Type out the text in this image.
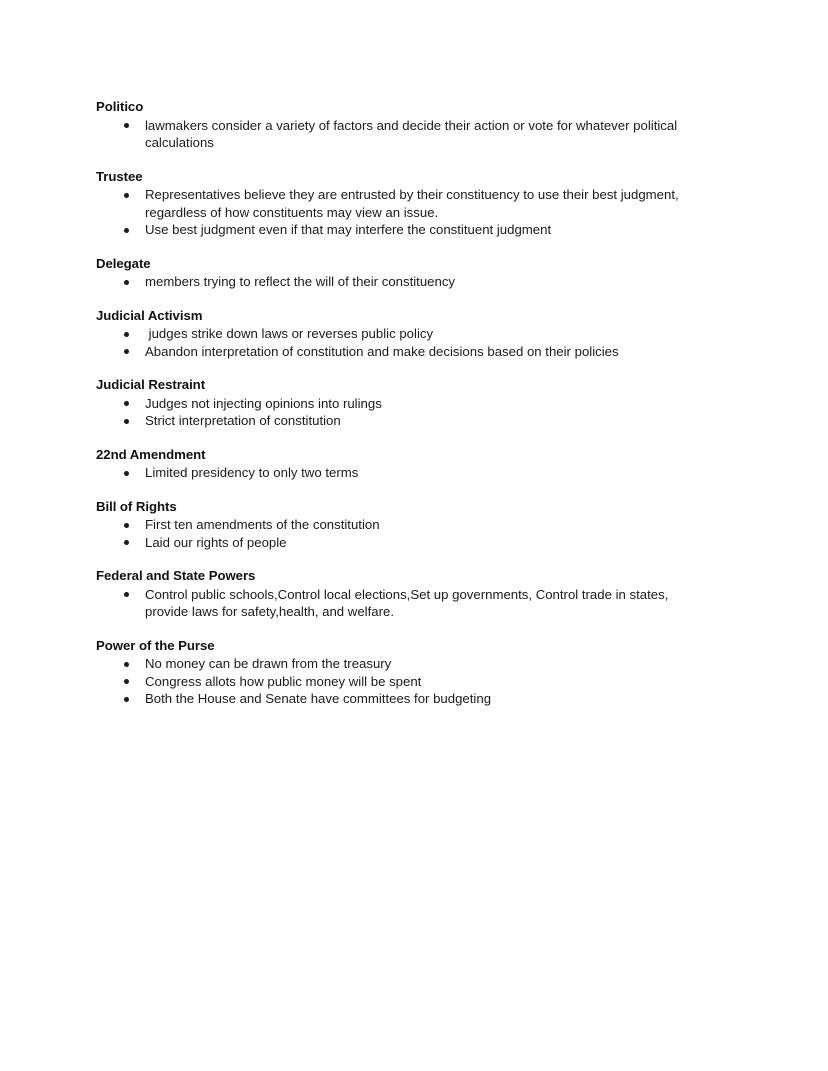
Politico
lawmakers consider a variety of factors and decide their action or vote for whatever political calculations
Trustee
Representatives believe they are entrusted by their constituency to use their best judgment, regardless of how constituents may view an issue.
Use best judgment even if that may interfere the constituent judgment
Delegate
members trying to reflect the will of their constituency
Judicial Activism
judges strike down laws or reverses public policy
Abandon interpretation of constitution and make decisions based on their policies
Judicial Restraint
Judges not injecting opinions into rulings
Strict interpretation of constitution
22nd Amendment
Limited presidency to only two terms
Bill of Rights
First ten amendments of the constitution
Laid our rights of people
Federal and State Powers
Control public schools,Control local elections,Set up governments, Control trade in states, provide laws for safety,health, and welfare.
Power of the Purse
No money can be drawn from the treasury
Congress allots how public money will be spent
Both the House and Senate have committees for budgeting
